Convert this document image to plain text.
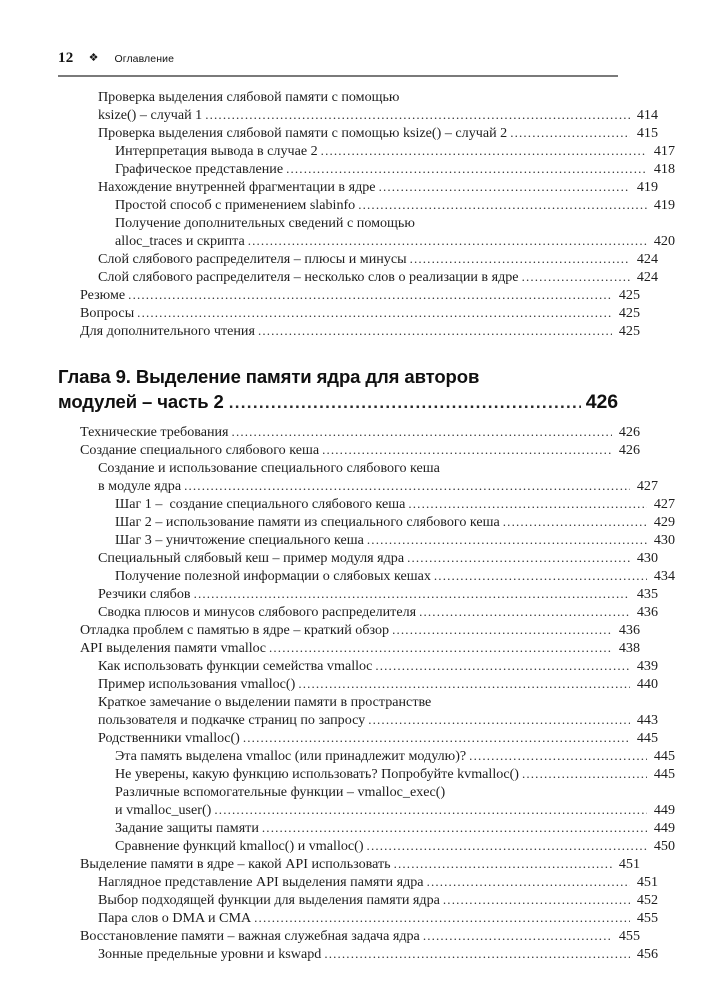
12 ❖ Оглавление
Проверка выделения слябовой памяти с помощью
ksize() – случай 1 .....	414
Проверка выделения слябовой памяти с помощью ksize() – случай 2 .....	415
Интерпретация вывода в случае 2 .....	417
Графическое представление .....	418
Нахождение внутренней фрагментации в ядре .....	419
Простой способ с применением slabinfo .....	419
Получение дополнительных сведений с помощью
alloc_traces и скрипта .....	420
Слой слябового распределителя – плюсы и минусы .....	424
Слой слябового распределителя – несколько слов о реализации в ядре .....	424
Резюме .....	425
Вопросы .....	425
Для дополнительного чтения .....	425
Глава 9. Выделение памяти ядра для авторов
модулей – часть 2 .....	426
Технические требования .....	426
Создание специального слябового кеша .....	426
Создание и использование специального слябового кеша
в модуле ядра .....	427
Шаг 1 –  создание специального слябового кеша .....	427
Шаг 2 – использование памяти из специального слябового кеша .....	429
Шаг 3 – уничтожение специального кеша .....	430
Специальный слябовый кеш – пример модуля ядра .....	430
Получение полезной информации о слябовых кешах .....	434
Резчики слябов .....	435
Сводка плюсов и минусов слябового распределителя .....	436
Отладка проблем с памятью в ядре – краткий обзор .....	436
API выделения памяти vmalloc .....	438
Как использовать функции семейства vmalloc .....	439
Пример использования vmalloc() .....	440
Краткое замечание о выделении памяти в пространстве
пользователя и подкачке страниц по запросу .....	443
Родственники vmalloc() .....	445
Эта память выделена vmalloc (или принадлежит модулю)? .....	445
Не уверены, какую функцию использовать? Попробуйте kvmalloc() .....	445
Различные вспомогательные функции – vmalloc_exec()
и vmalloc_user() .....	449
Задание защиты памяти .....	449
Сравнение функций kmalloc() и vmalloc() .....	450
Выделение памяти в ядре – какой API использовать .....	451
Наглядное представление API выделения памяти ядра .....	451
Выбор подходящей функции для выделения памяти ядра .....	452
Пара слов о DMA и CMA .....	455
Восстановление памяти – важная служебная задача ядра .....	455
Зонные предельные уровни и kswapd .....	456
